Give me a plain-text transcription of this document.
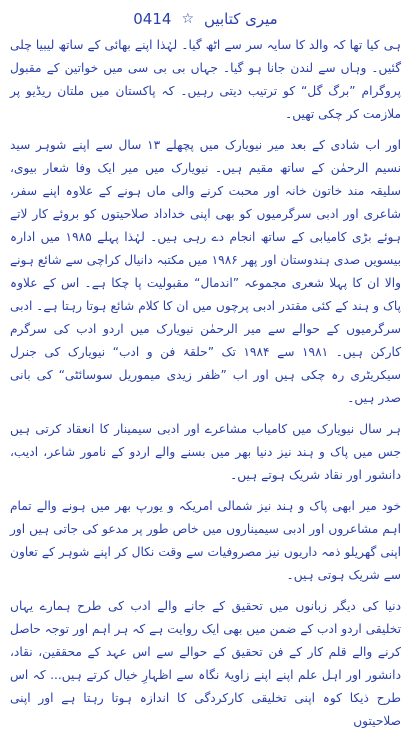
0414 ☆ میری کتابیں

ہی کیا تھا کہ والد کا سایہ سر سے اٹھ گیا۔ لہٰذا اپنے بھائی کے ساتھ لیبیا چلی گئیں۔ وہاں سے لندن جانا ہو گیا۔ جہاں بی بی سی میں خواتین کے مقبول پروگرام ”برگ گل“ کو ترتیب دیتی رہیں۔ کہ پاکستان میں ملتان ریڈیو پر ملازمت کر چکی تھیں۔

اور اب شادی کے بعد میر نیویارک میں پچھلے ۱۳ سال سے اپنے شوہر سید نسیم الرحمٰن کے ساتھ مقیم ہیں۔ نیویارک میں میر ایک وفا شعار بیوی، سلیقہ مند خاتون خانہ اور محبت کرنے والی ماں ہونے کے علاوہ اپنے سفر، شاعری اور ادبی سرگرمیوں کو بھی اپنی خداداد صلاحیتوں کو بروئے کار لاتے ہوئے بڑی کامیابی کے ساتھ انجام دے رہی ہیں۔ لہٰذا پہلے ۱۹۸۵ میں ادارہ بیسویں صدی ہندوستان اور پھر ۱۹۸۶ میں مکتبہ دانیال کراچی سے شائع ہونے والا ان کا پہلا شعری مجموعہ ”اندمال“ مقبولیت پا چکا ہے۔ اس کے علاوہ پاک و ہند کے کئی مقتدر ادبی پرچوں میں ان کا کلام شائع ہوتا رہتا ہے۔ ادبی سرگرمیوں کے حوالے سے میر الرحمٰن نیویارک میں اردو ادب کی سرگرم کارکن ہیں۔ ۱۹۸۱ سے ۱۹۸۴ تک ”حلقۂ فن و ادب“ نیویارک کی جنرل سیکریٹری رہ چکی ہیں اور اب ”ظفر زیدی میموریل سوسائٹی“ کی بانی صدر ہیں۔

ہر سال نیویارک میں کامیاب مشاعرے اور ادبی سیمینار کا انعقاد کرتی ہیں جس میں پاک و ہند نیز دنیا بھر میں بسنے والے اردو کے نامور شاعر، ادیب، دانشور اور نقاد شریک ہوتے ہیں۔

خود میر ابھی پاک و ہند نیز شمالی امریکہ و یورپ بھر میں ہونے والے تمام اہم مشاعروں اور ادبی سیمیناروں میں خاص طور پر مدعو کی جاتی ہیں اور اپنی گھریلو ذمہ داریوں نیز مصروفیات سے وقت نکال کر اپنے شوہر کے تعاون سے شریک ہوتی ہیں۔

دنیا کی دیگر زبانوں میں تحقیق کے جانے والے ادب کی طرح ہمارے یہاں تخلیقی اردو ادب کے ضمن میں بھی ایک روایت ہے کہ ہر اہم اور توجہ حاصل کرنے والے قلم کار کے فن تحقیق کے حوالے سے اس عہد کے محققین، نقاد، دانشور اور اہل علم اپنے اپنے زاویۂ نگاہ سے اظہارِ خیال کرتے ہیں... کہ اس طرح ذیکا کوہ اپنی تخلیقی کارکردگی کا اندازہ ہوتا رہتا ہے اور اپنی صلاحیتوں
